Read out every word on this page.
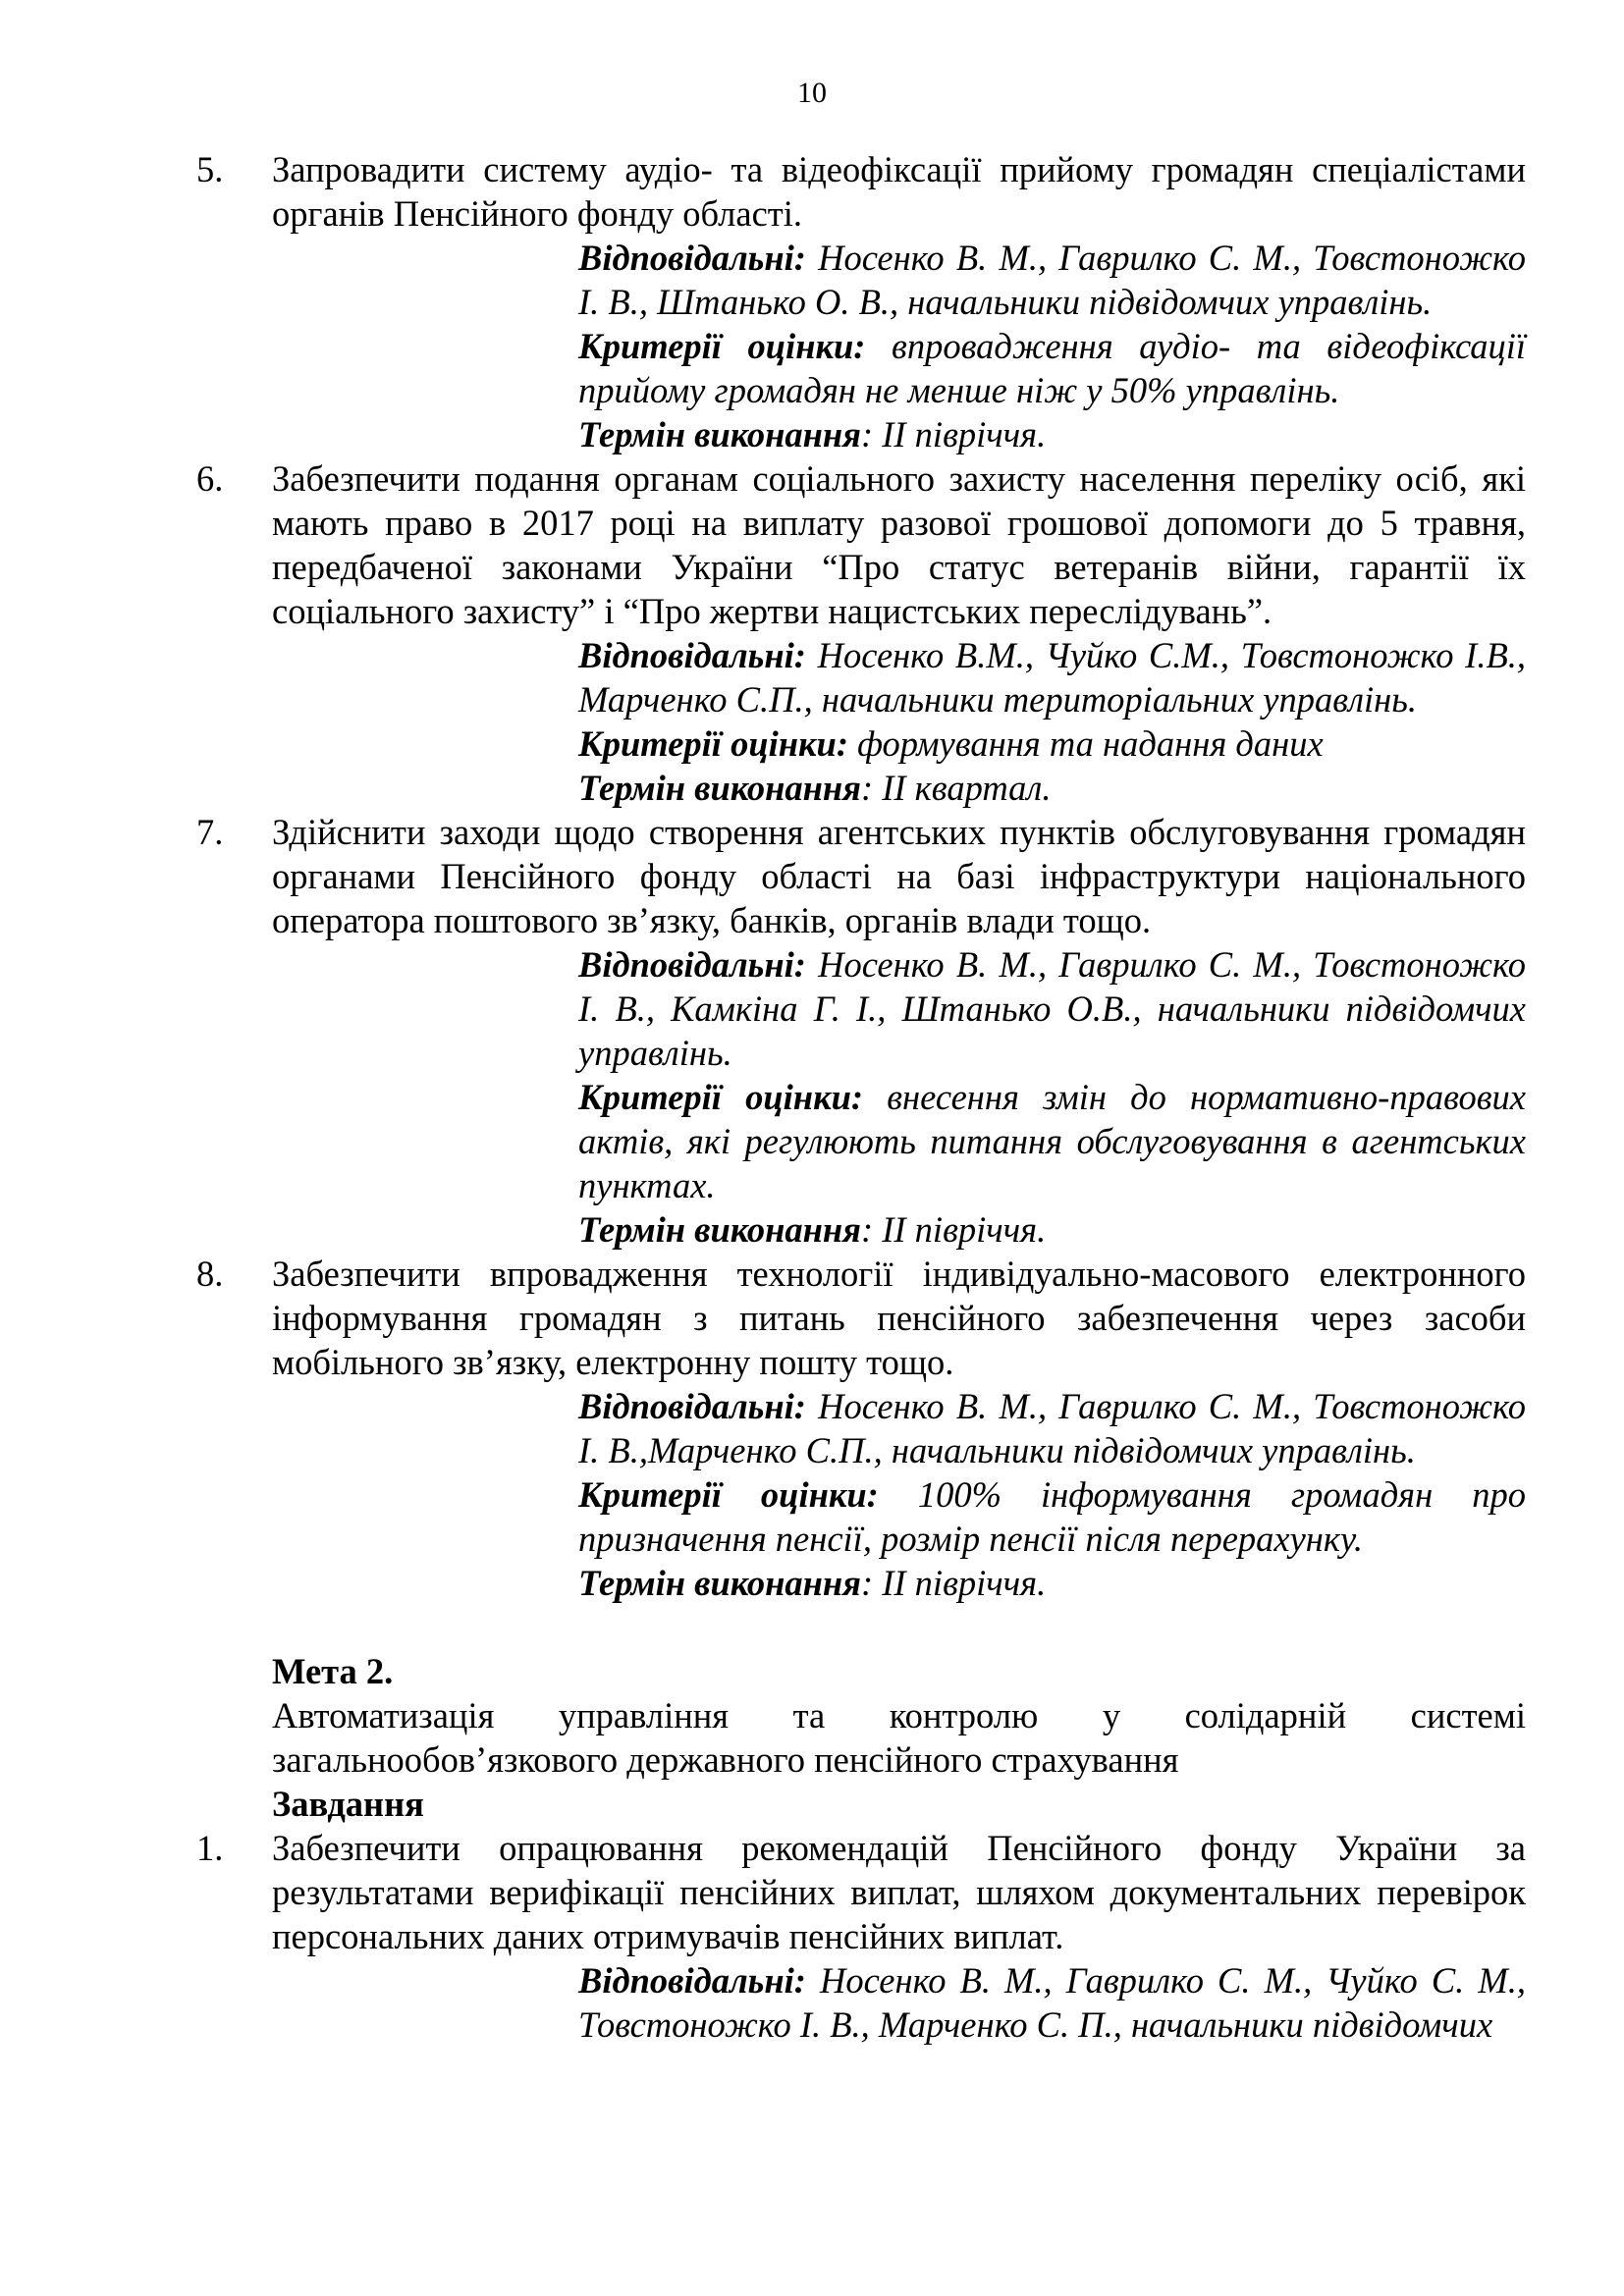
10
5. Запровадити систему аудіо- та відеофіксації прийому громадян спеціалістами органів Пенсійного фонду області.
Відповідальні: Носенко В. М., Гаврилко С. М., Товстоножко І. В., Штанько О. В., начальники підвідомчих управлінь.
Критерії оцінки: впровадження аудіо- та відеофіксації прийому громадян не менше ніж у 50% управлінь.
Термін виконання: ІІ півріччя.
6. Забезпечити подання органам соціального захисту населення переліку осіб, які мають право в 2017 році на виплату разової грошової допомоги до 5 травня, передбаченої законами України “Про статус ветеранів війни, гарантії їх соціального захисту” і “Про жертви нацистських переслідувань”.
Відповідальні: Носенко В.М., Чуйко С.М., Товстоножко І.В., Марченко С.П., начальники територіальних управлінь.
Критерії оцінки: формування та надання даних
Термін виконання: ІІ квартал.
7. Здійснити заходи щодо створення агентських пунктів обслуговування громадян органами Пенсійного фонду області на базі інфраструктури національного оператора поштового зв’язку, банків, органів влади тощо.
Відповідальні: Носенко В. М., Гаврилко С. М., Товстоножко І. В., Камкіна Г. І., Штанько О.В., начальники підвідомчих управлінь.
Критерії оцінки: внесення змін до нормативно-правових актів, які регулюють питання обслуговування в агентських пунктах.
Термін виконання: ІІ півріччя.
8. Забезпечити впровадження технології індивідуально-масового електронного інформування громадян з питань пенсійного забезпечення через засоби мобільного зв’язку, електронну пошту тощо.
Відповідальні: Носенко В. М., Гаврилко С. М., Товстоножко І. В.,Марченко С.П., начальники підвідомчих управлінь.
Критерії оцінки: 100% інформування громадян про призначення пенсії, розмір пенсії після перерахунку.
Термін виконання: ІІ півріччя.
Мета 2.
Автоматизація управління та контролю у солідарній системі загальнообов’язкового державного пенсійного страхування
Завдання
1. Забезпечити опрацювання рекомендацій Пенсійного фонду України за результатами верифікації пенсійних виплат, шляхом документальних перевірок персональних даних отримувачів пенсійних виплат.
Відповідальні: Носенко В. М., Гаврилко С. М., Чуйко С. М., Товстоножко І. В., Марченко С. П., начальники підвідомчих
